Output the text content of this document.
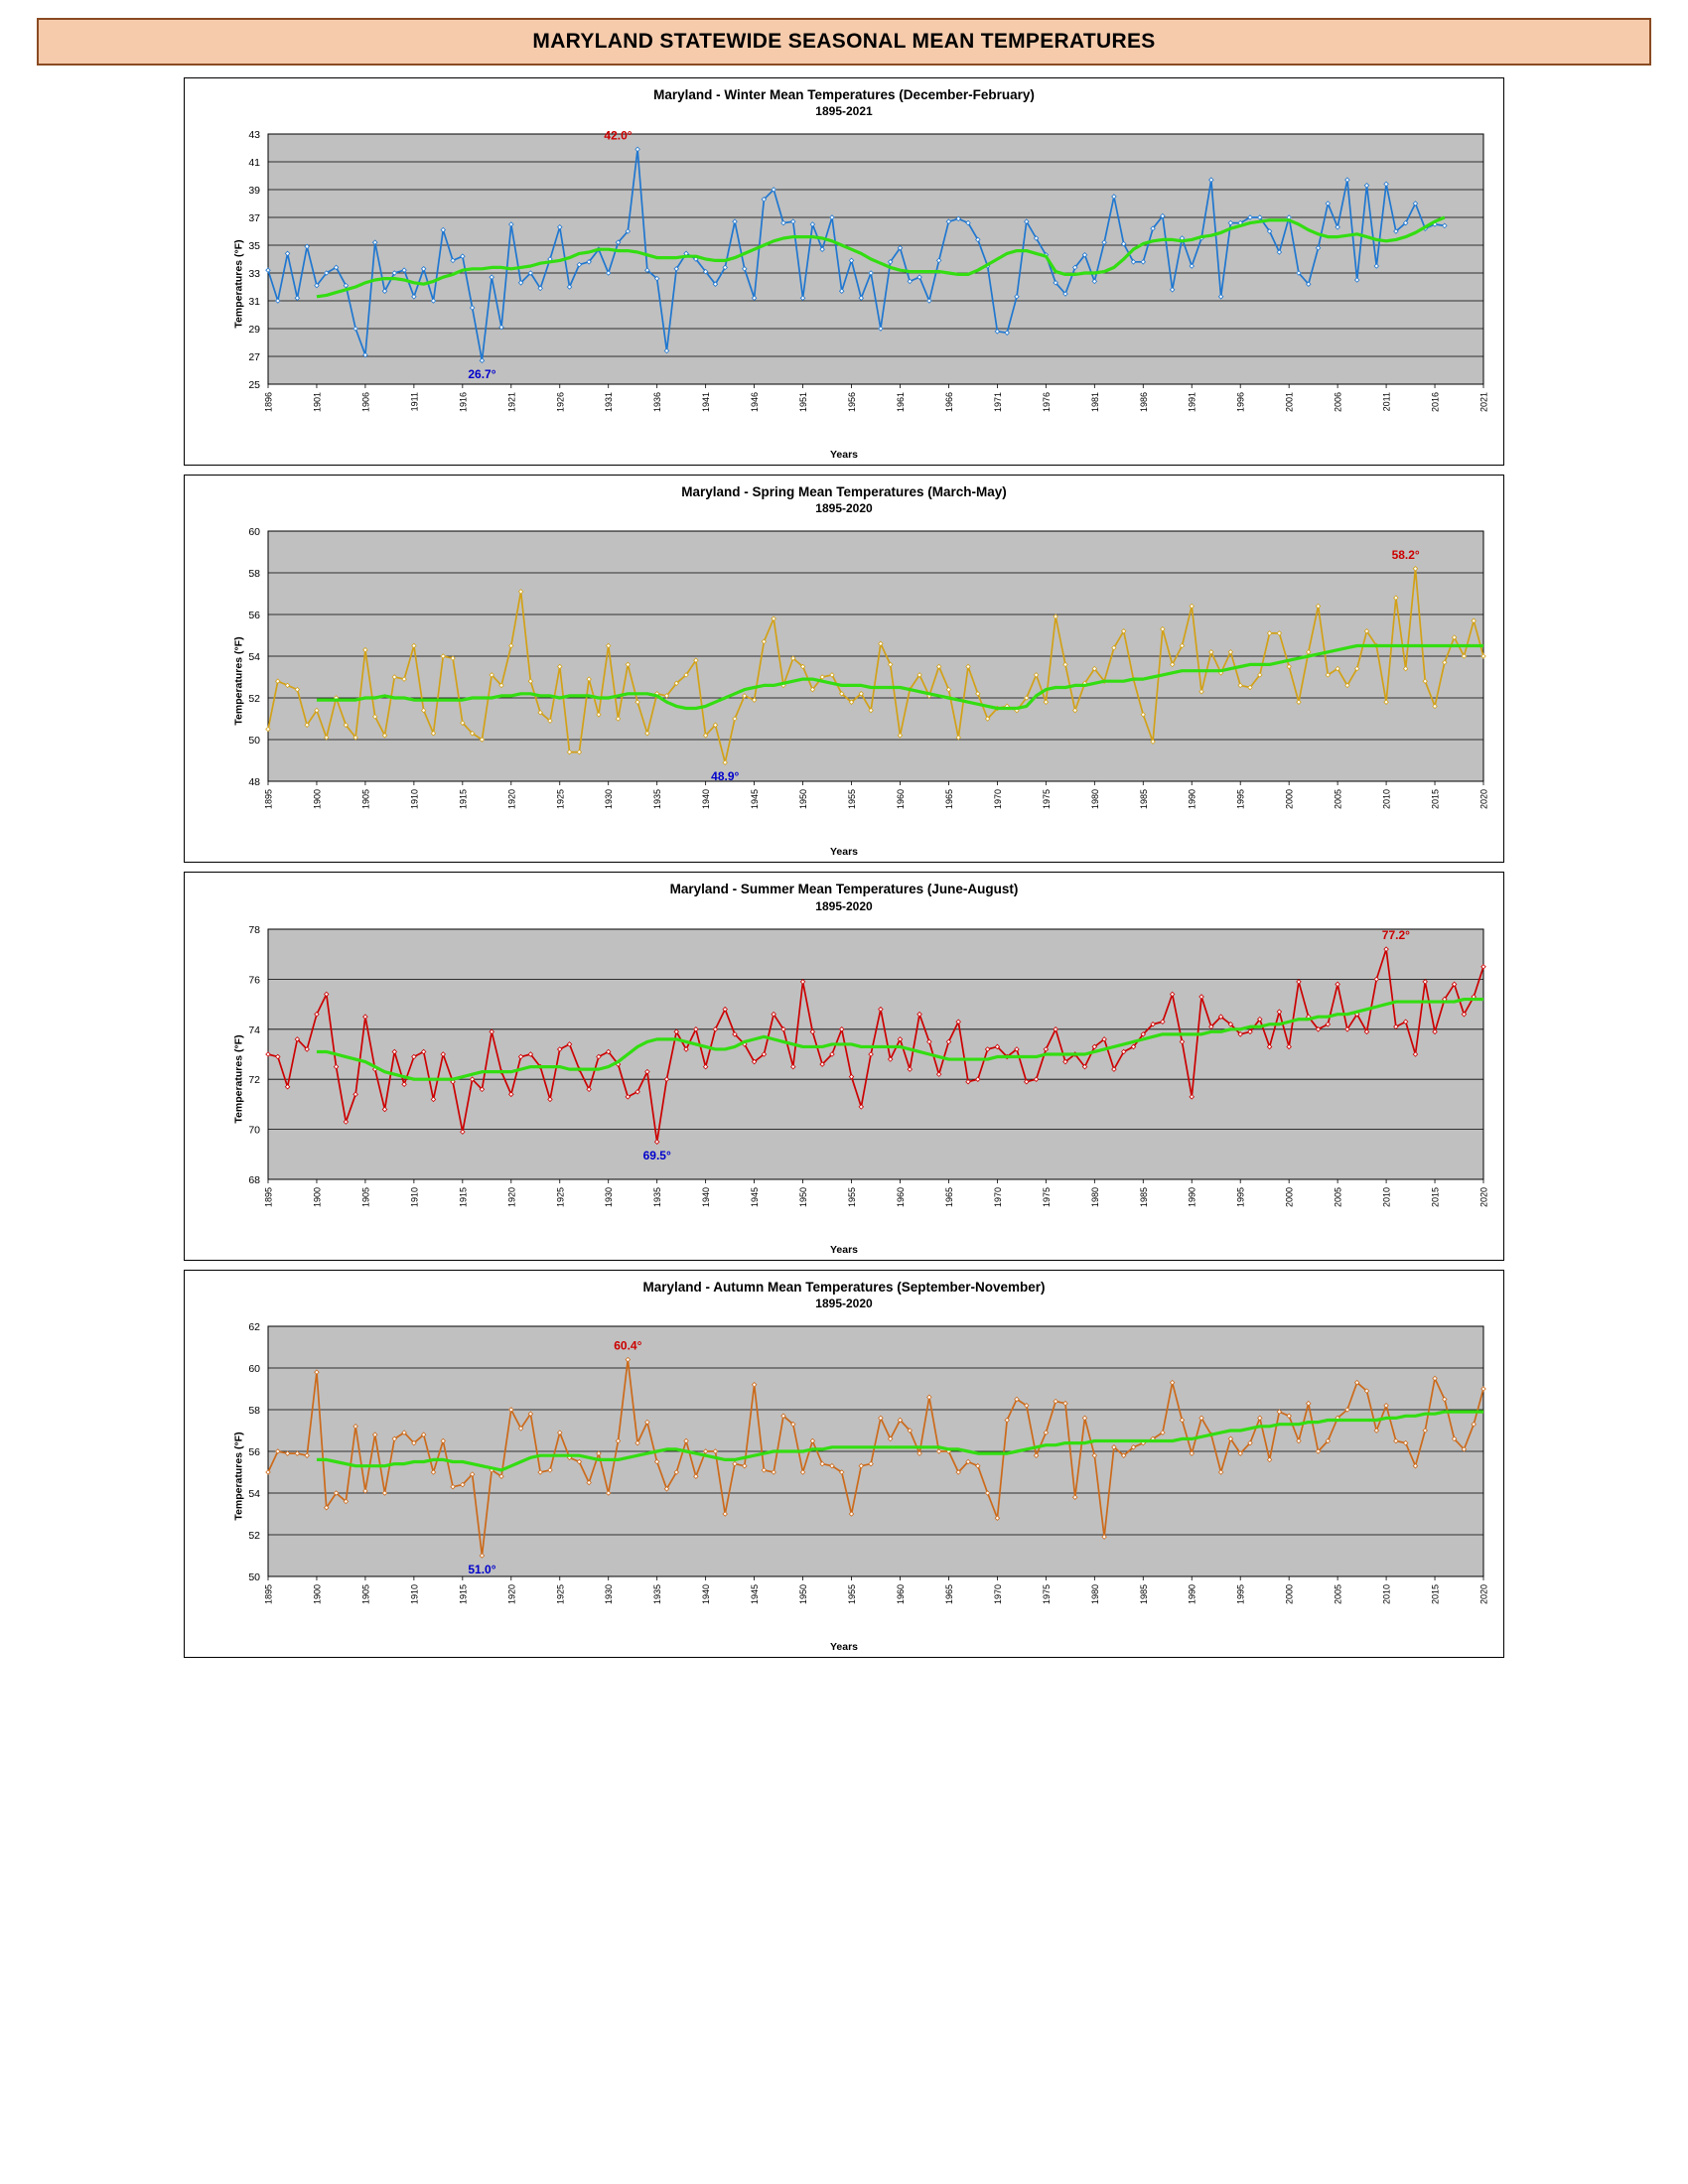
MARYLAND STATEWIDE SEASONAL MEAN TEMPERATURES
Maryland - Winter Mean Temperatures (December-February)
1895-2021
Temperatures (°F)
25
27
29
31
33
35
37
39
41
43
1896	1901	1906	1911	1916	1921	1926	1931	1936	1941	1946	1951	1956	1961	1966	1971	1976	1981	1986	1991	1996	2001	2006	2011	2016	2021
42.0°
26.7°
Years
Maryland - Spring Mean Temperatures (March-May)
1895-2020
Temperatures (°F)
48
50
52
54
56
58
60
1895	1900	1905	1910	1915	1920	1925	1930	1935	1940	1945	1950	1955	1960	1965	1970	1975	1980	1985	1990	1995	2000	2005	2010	2015	2020
58.2°
48.9°
Years
Maryland - Summer Mean Temperatures (June-August)
1895-2020
Temperatures (°F)
68
70
72
74
76
78
1895	1900	1905	1910	1915	1920	1925	1930	1935	1940	1945	1950	1955	1960	1965	1970	1975	1980	1985	1990	1995	2000	2005	2010	2015	2020
77.2°
69.5°
Years
Maryland - Autumn Mean Temperatures (September-November)
1895-2020
Temperatures (°F)
50
52
54
56
58
60
62
1895	1900	1905	1910	1915	1920	1925	1930	1935	1940	1945	1950	1955	1960	1965	1970	1975	1980	1985	1990	1995	2000	2005	2010	2015	2020
60.4°
51.0°
Years
